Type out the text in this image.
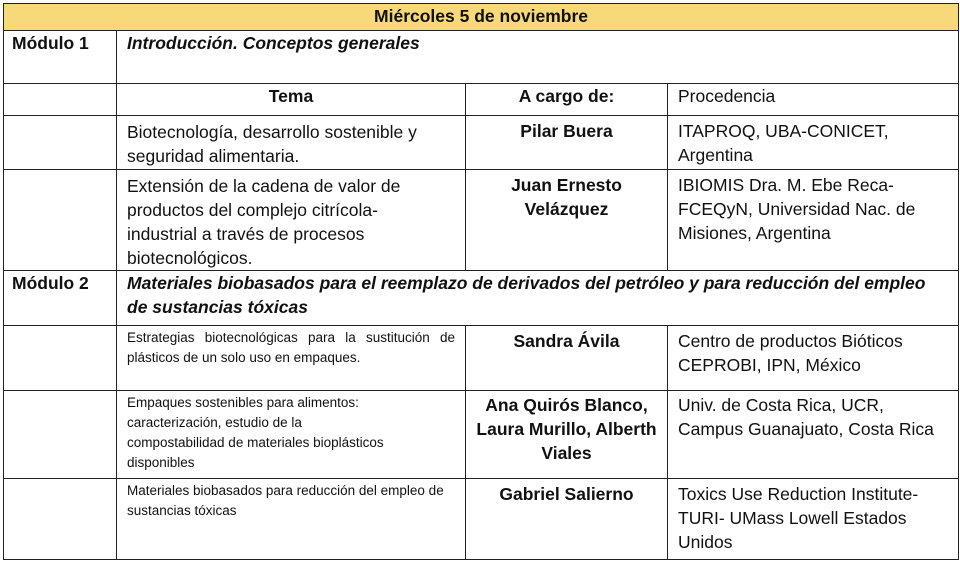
Miércoles 5 de noviembre			
Módulo 1	Introducción. Conceptos generales		
	Tema	A cargo de:	Procedencia
	Biotecnología, desarrollo sostenible y seguridad alimentaria.	Pilar Buera	ITAPROQ, UBA-CONICET, Argentina
	Extensión de la cadena de valor de productos del complejo citrícola-industrial a través de procesos biotecnológicos.	Juan Ernesto Velázquez	IBIOMIS Dra. M. Ebe Reca-FCEQyN, Universidad Nac. de Misiones, Argentina
Módulo 2	Materiales biobasados para el reemplazo de derivados del petróleo y para reducción del empleo de sustancias tóxicas		
	Estrategias biotecnológicas para la sustitución de plásticos de un solo uso en empaques.	Sandra Ávila	Centro de productos Bióticos CEPROBI, IPN, México
	Empaques sostenibles para alimentos: caracterización, estudio de la compostabilidad de materiales bioplásticos disponibles	Ana Quirós Blanco, Laura Murillo, Alberth Viales	Univ. de Costa Rica, UCR, Campus Guanajuato, Costa Rica
	Materiales biobasados para reducción del empleo de sustancias tóxicas	Gabriel Salierno	Toxics Use Reduction Institute-TURI- UMass Lowell Estados Unidos
